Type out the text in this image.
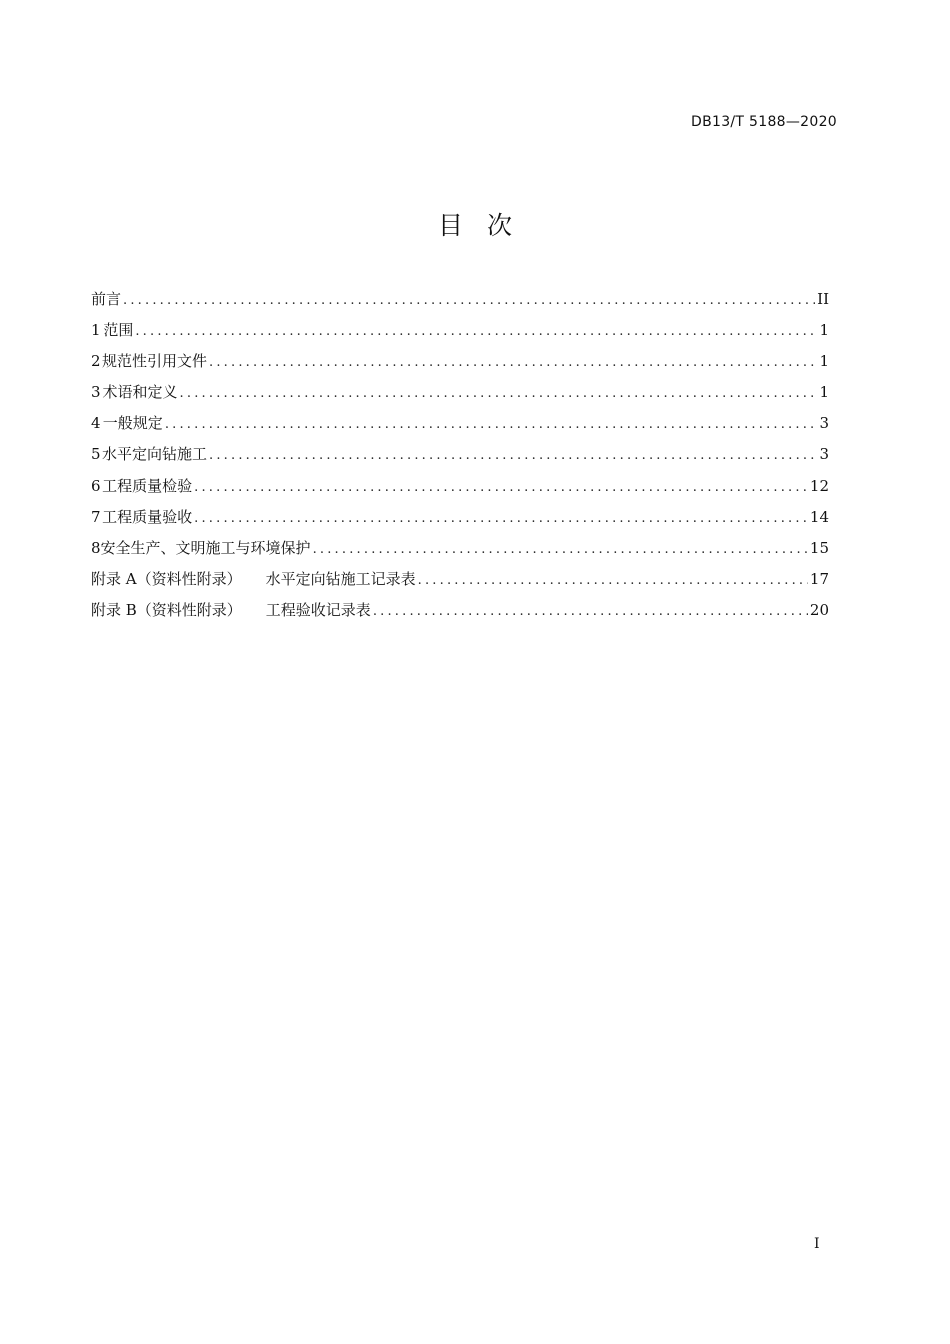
DB13/T 5188—2020
目 次
前言 .....	II
1 范围 .....	1
2 规范性引用文件 .....	1
3 术语和定义 .....	1
4 一般规定 .....	3
5 水平定向钻施工 .....	3
6 工程质量检验 .....	12
7 工程质量验收 .....	14
8 安全生产、文明施工与环境保护 .....	15
附录 A（资料性附录） 水平定向钻施工记录表 .....	17
附录 B（资料性附录） 工程验收记录表 .....	20
I
